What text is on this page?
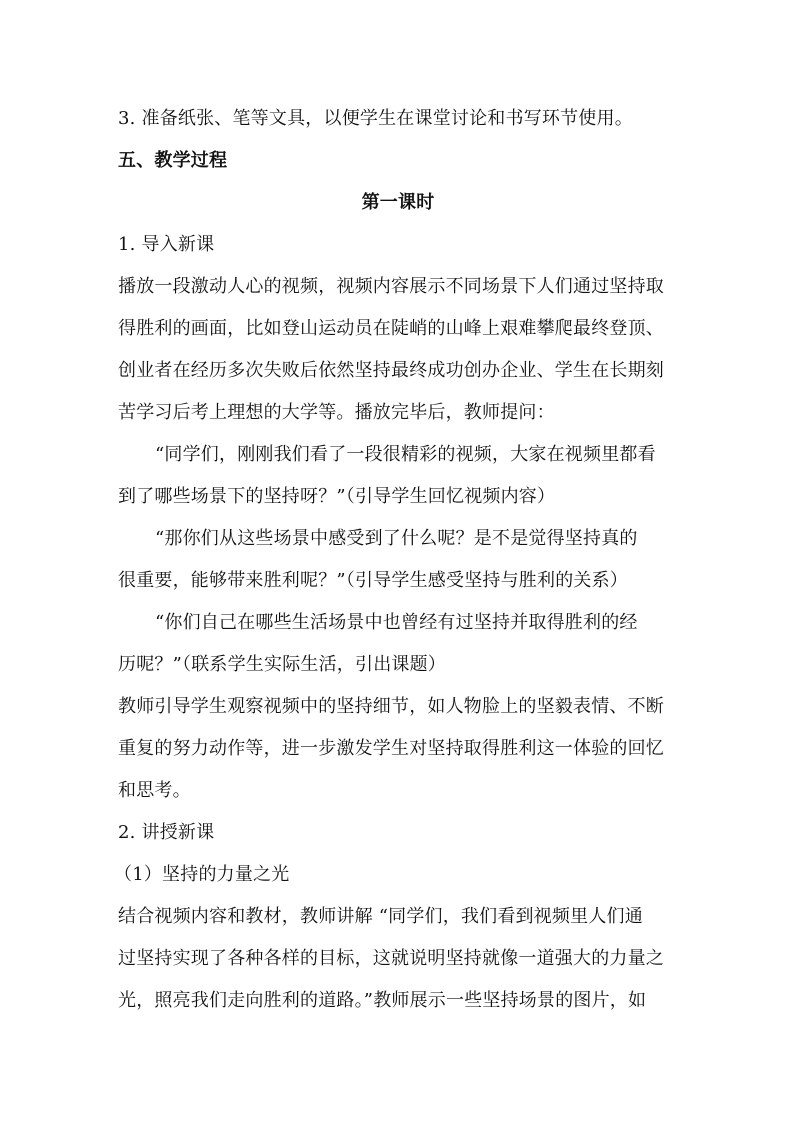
3. 准备纸张、笔等文具，以便学生在课堂讨论和书写环节使用。
五、教学过程
第一课时
1. 导入新课
播放一段激动人心的视频，视频内容展示不同场景下人们通过坚持取
得胜利的画面，比如登山运动员在陡峭的山峰上艰难攀爬最终登顶、
创业者在经历多次失败后依然坚持最终成功创办企业、学生在长期刻
苦学习后考上理想的大学等。播放完毕后，教师提问：
“同学们，刚刚我们看了一段很精彩的视频，大家在视频里都看
到了哪些场景下的坚持呀？”（引导学生回忆视频内容）
“那你们从这些场景中感受到了什么呢？是不是觉得坚持真的
很重要，能够带来胜利呢？”（引导学生感受坚持与胜利的关系）
“你们自己在哪些生活场景中也曾经有过坚持并取得胜利的经
历呢？”（联系学生实际生活，引出课题）
教师引导学生观察视频中的坚持细节，如人物脸上的坚毅表情、不断
重复的努力动作等，进一步激发学生对坚持取得胜利这一体验的回忆
和思考。
2. 讲授新课
（1）坚持的力量之光
结合视频内容和教材，教师讲解 “同学们，我们看到视频里人们通
过坚持实现了各种各样的目标，这就说明坚持就像一道强大的力量之
光，照亮我们走向胜利的道路。”教师展示一些坚持场景的图片，如
